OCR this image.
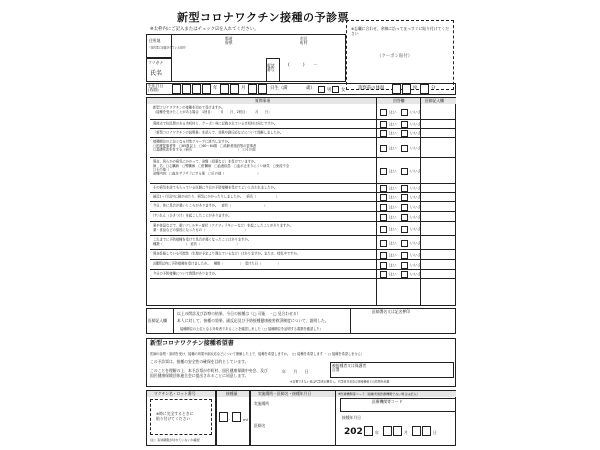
新型コロナワクチン接種の予診票
※太枠内にご記入またはチェック☑を入れてください。	※忘職に合わせ、余線に沿ってまっすぐに貼り付けてください
（クーポン貼付）
住所地
（住民票に記載されている住所）
都道
府県
市区
町村
フリガナ
氏名
電話
番号
(　　　)　　－
生年月日
(西暦)	年	月	日生（満	歳）	男	女	診察前の体温	度	分
質問事項	回答欄	医師記入欄
新型コロナワクチンの接種を初めて受けますか。
（接種を受けたことがある場合　1回目：　　月　　日、2回目：　　月　　日）	はい	いいえ
現時点で住民票のある市町村と、クーポン券に記載されている市町村は同じですか。	はい	いいえ
「新型コロナワクチンの説明書」を読んで、効果や副反応などについて理解しましたか。	はい	いいえ
接種順位の上位となる対象グループに該当しますか。
□医療従事者等　□65歳以上　□60～64歳　□高齢者施設等の従事者
□基礎疾患を有する（病名　　　　　　　　　　　　　　）　□その他	はい	いいえ
現在、何らかの病気にかかって、治療（投薬など）を受けていますか。
病　名：□心臓病　□腎臓病　□肝臓病　□血液疾患　□血が止まりにくい病気　□免疫不全
□その他（　　　　　　　　　　　　）
治療内容：□血をサラサラにする薬　□その他（　　　　　　　　　　）
はい	いいえ
その病気を診てもらっている医師に今日の予防接種を受けてよいと言われましたか。	はい	いいえ
最近1ヶ月以内に熱が出たり、病気にかかったりしましたか。　病名（　　　　　　）	はい	いいえ
今日、体に具合が悪いところがありますか。　症状（　　　　　　　　　　）	はい	いいえ
けいれん（ひきつけ）を起こしたことがありますか。	はい	いいえ
薬や食品などで、重いアレルギー症状（アナフィラキシーなど）を起こしたことがありますか。
薬・食品などの原因になったもの（　　　　　　　　　　　　）	はい	いいえ
これまでに予防接種を受けて具合が悪くなったことはありますか。
種類（　　　　　　　）　症状（　　　　　　　　　　　）	はい	いいえ
現在妊娠している可能性（生理が予定より遅れているなど）はありますか。または、授乳中ですか。	はい	いいえ
2週間以内に予防接種を受けましたか。　種類（　　　　　）　受けた日（　　　　　）	はい	いいえ
今日の予防接種について質問がありますか。	はい	いいえ
医師記入欄
以上の問診及び診察の結果、今日の接種は（□ 可能　・□ 見合わせる）
本人に対して、接種の効果、副反応及び予防接種健康被害救済制度について、説明した。
接種順位の上位となる対象者であることを確認しました（□ 接種順位を証明する書類を確認した）
医師署名又は記名押印
新型コロナワクチン接種希望書
医師の診察・説明を受け、接種の効果や副反応などについて理解した上で、接種を希望しますか。（□ 接種を希望します ・ □ 接種を希望しません）
この予診票は、接種の安全性の確保を目的としています。
このことを理解の上、本予診票が市町村、国民健康保険中央会、及び国民健康保険団体連合会に提出されることに同意します。
年　　月　　日
被接種者又は保護者自署
※自署できない者は代筆者が署名し、代筆者氏名及び被接種者との続柄を記載
ワクチン名・ロット番号
※時に完全するときに
貼り付けてください
（注）有効期限が切れていないか確認
接種量
.	ml
実施場所・医師名・接種年月日
実施場所
医師名
※医療機関等コード（接種実施医療機関でない場合は記入）
医療機関等コード
接種年月日
202	年	月	日
